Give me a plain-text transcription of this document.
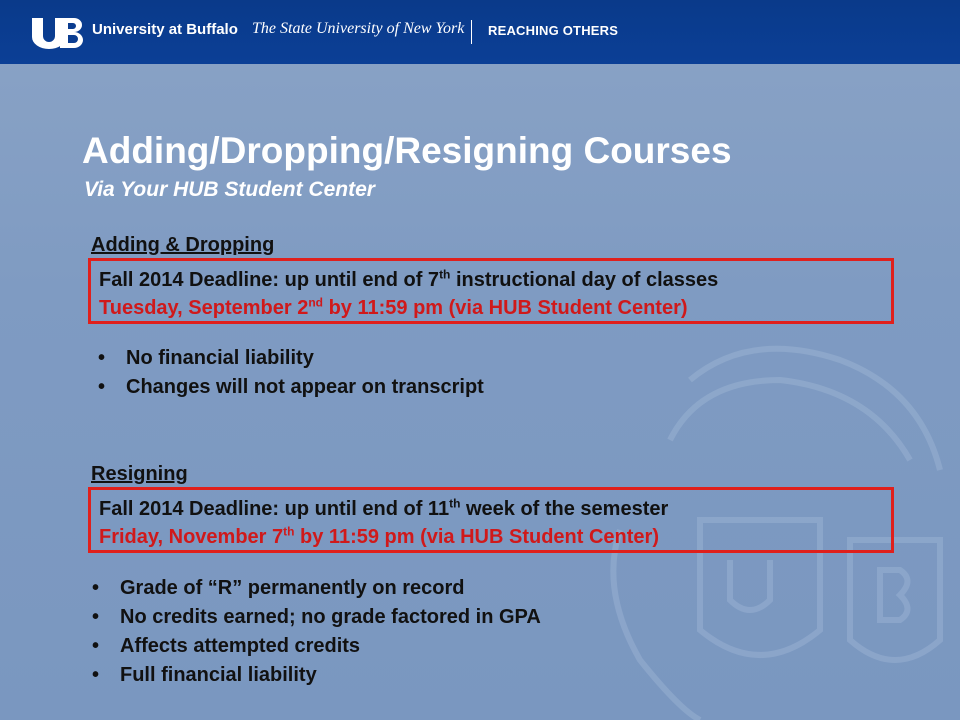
University at Buffalo The State University of New York REACHING OTHERS
Adding/Dropping/Resigning Courses
Via Your HUB Student Center
Adding & Dropping
Fall 2014 Deadline: up until end of 7th instructional day of classes
Tuesday, September 2nd by 11:59 pm (via HUB Student Center)
• No financial liability
• Changes will not appear on transcript
Resigning
Fall 2014 Deadline: up until end of 11th week of the semester
Friday, November 7th by 11:59 pm (via HUB Student Center)
• Grade of “R” permanently on record
• No credits earned; no grade factored in GPA
• Affects attempted credits
• Full financial liability
